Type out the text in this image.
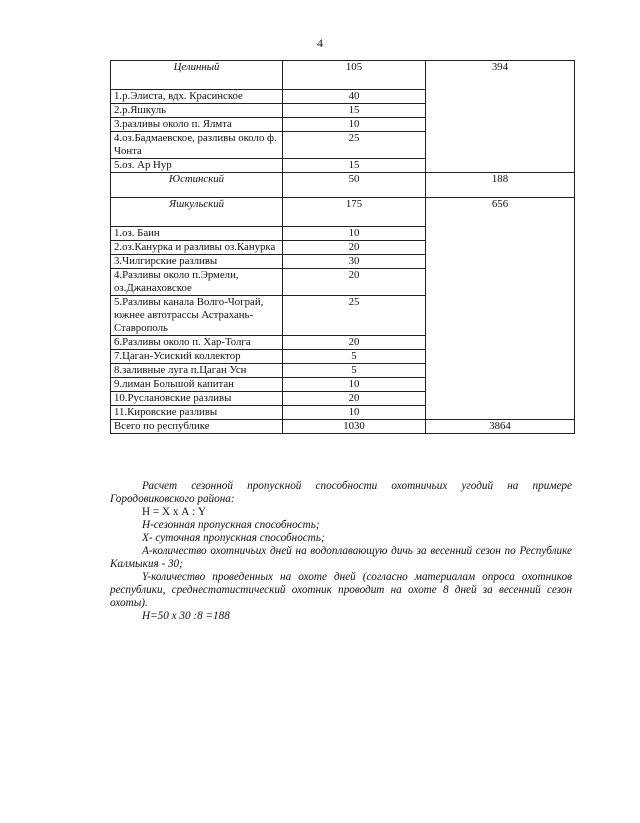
4
Целинный	105	394
1.р.Элиста, вдх. Красинское	40	
2.р.Яшкуль	15	
3.разливы около п. Ялмта	10	
4.оз.Бадмаевское, разливы около ф. Чонта	25	
5.оз. Ар Нур	15	
Юстинский	50	188
Яшкульский	175	656
1.оз. Баин	10	
2.оз.Канурка и разливы оз.Канурка	20	
3.Чилгирские разливы	30	
4.Разливы около п.Эрмели, оз.Джанаховское	20	
5.Разливы канала Волго-Чограй, южнее автотрассы Астрахань-Ставрополь	25	
6.Разливы около п. Хар-Толга	20	
7.Цаган-Усиский коллектор	5	
8.заливные луга п.Цаган Усн	5	
9.лиман Большой капитан	10	
10.Руслановские разливы	20	
11.Кировские разливы	10	
Всего по республике	1030	3864

Расчет сезонной пропускной способности охотничьих угодий на примере Городовиковского района:

Н = Х х А : Y

Н-сезонная пропускная способность;

Х- суточная пропускная способность;

А-количество охотничьих дней на водоплавающую дичь за весенний сезон по Республике Калмыкия - 30;

Y-количество проведенных на охоте дней (согласно материалам опроса охотников республики, среднестатистический охотник проводит на охоте 8 дней за весенний сезон охоты).

Н=50 х 30 :8 =188
